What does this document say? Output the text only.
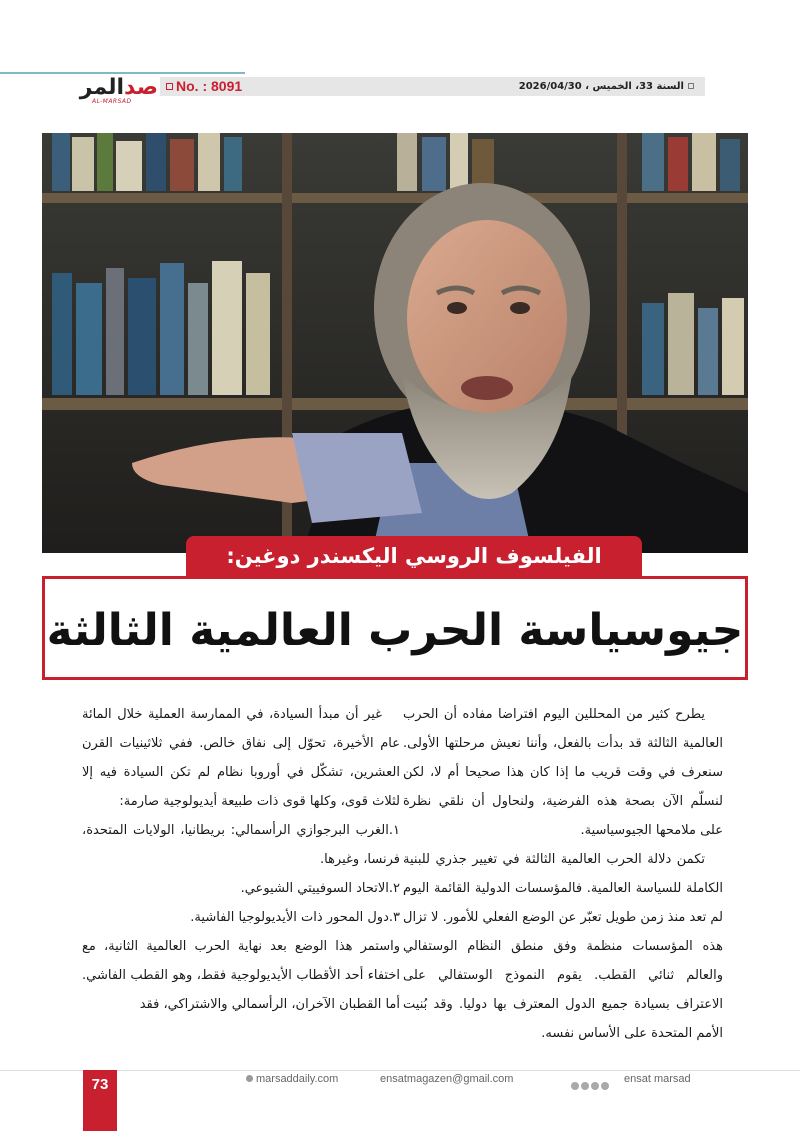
صدالمر
AL-MARSAD
No. : 8091	السنة 33، الخميس ، 2026/04/30
الفيلسوف الروسي اليكسندر دوغين:
جيوسياسة الحرب العالمية الثالثة

يطرح كثير من المحللين اليوم افتراضا مفاده أن الحرب العالمية الثالثة قد بدأت بالفعل، وأننا نعيش مرحلتها الأولى. سنعرف في وقت قريب ما إذا كان هذا صحيحا أم لا، لكن لنسلّم الآن بصحة هذه الفرضية، ولنحاول أن نلقي نظرة على ملامحها الجيوسياسية.

تكمن دلالة الحرب العالمية الثالثة في تغيير جذري للبنية الكاملة للسياسة العالمية. فالمؤسسات الدولية القائمة اليوم لم تعد منذ زمن طويل تعبّر عن الوضع الفعلي للأمور. لا تزال هذه المؤسسات منظمة وفق منطق النظام الوستفالي والعالم ثنائي القطب. يقوم النموذج الوستفالي على الاعتراف بسيادة جميع الدول المعترف بها دوليا. وقد بُنيت الأمم المتحدة على الأساس نفسه.

غير أن مبدأ السيادة، في الممارسة العملية خلال المائة عام الأخيرة، تحوّل إلى نفاق خالص. ففي ثلاثينيات القرن العشرين، تشكّل في أوروبا نظام لم تكن السيادة فيه إلا لثلاث قوى، وكلها قوى ذات طبيعة أيديولوجية صارمة:

١.الغرب البرجوازي الرأسمالي: بريطانيا، الولايات المتحدة، فرنسا، وغيرها.

٢.الاتحاد السوفييتي الشيوعي.

٣.دول المحور ذات الأيديولوجيا الفاشية.

واستمر هذا الوضع بعد نهاية الحرب العالمية الثانية، مع اختفاء أحد الأقطاب الأيديولوجية فقط، وهو القطب الفاشي. أما القطبان الآخران، الرأسمالي والاشتراكي، فقد

73	marsaddaily.com	ensatmagazen@gmail.com	ensat marsad
